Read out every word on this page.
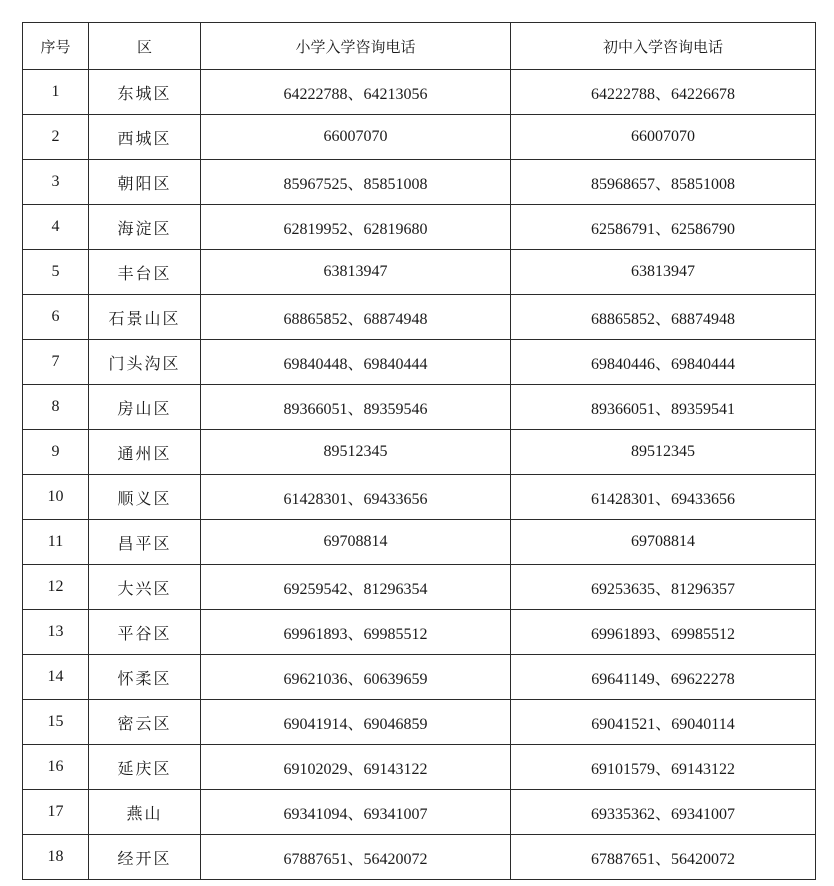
序号	区	小学入学咨询电话	初中入学咨询电话
1	东城区	64222788、64213056	64222788、64226678
2	西城区	66007070	66007070
3	朝阳区	85967525、85851008	85968657、85851008
4	海淀区	62819952、62819680	62586791、62586790
5	丰台区	63813947	63813947
6	石景山区	68865852、68874948	68865852、68874948
7	门头沟区	69840448、69840444	69840446、69840444
8	房山区	89366051、89359546	89366051、89359541
9	通州区	89512345	89512345
10	顺义区	61428301、69433656	61428301、69433656
11	昌平区	69708814	69708814
12	大兴区	69259542、81296354	69253635、81296357
13	平谷区	69961893、69985512	69961893、69985512
14	怀柔区	69621036、60639659	69641149、69622278
15	密云区	69041914、69046859	69041521、69040114
16	延庆区	69102029、69143122	69101579、69143122
17	燕山	69341094、69341007	69335362、69341007
18	经开区	67887651、56420072	67887651、56420072
